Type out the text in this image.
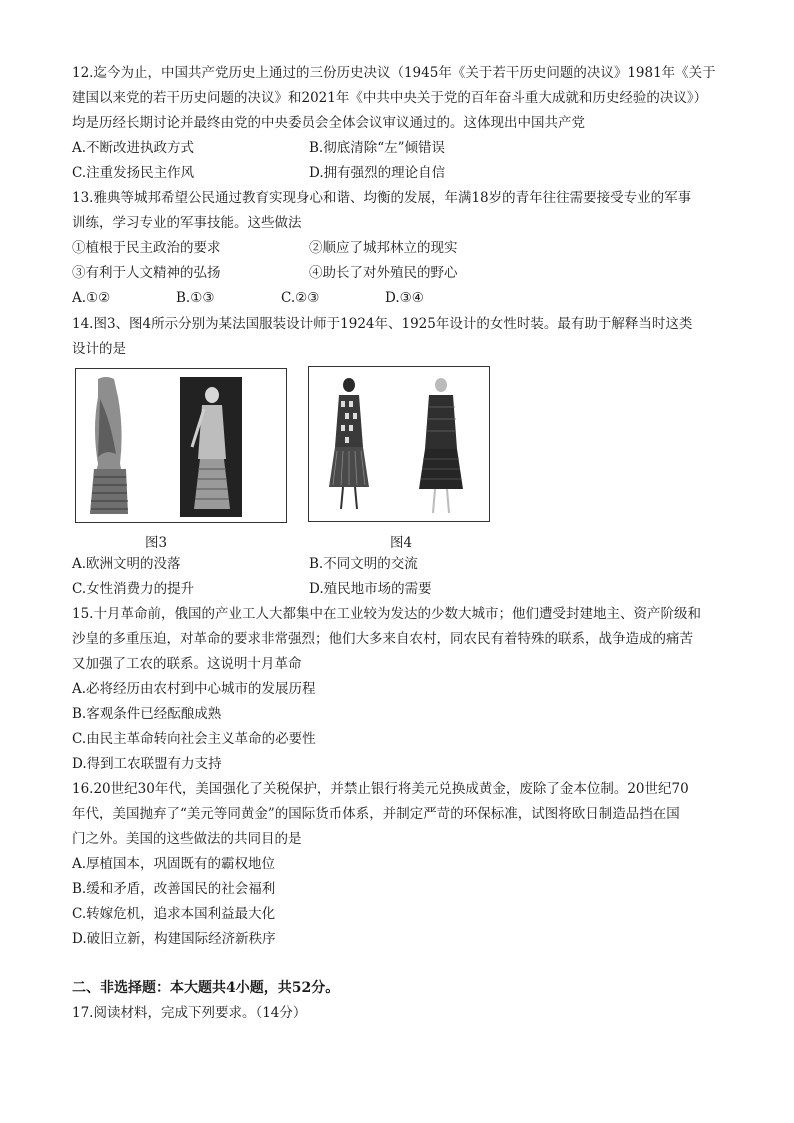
12.迄今为止，中国共产党历史上通过的三份历史决议（1945年《关于若干历史问题的决议》1981年《关于
建国以来党的若干历史问题的决议》和2021年《中共中央关于党的百年奋斗重大成就和历史经验的决议》）
均是历经长期讨论并最终由党的中央委员会全体会议审议通过的。这体现出中国共产党
A.不断改进执政方式	B.彻底清除“左”倾错误
C.注重发扬民主作风	D.拥有强烈的理论自信
13.雅典等城邦希望公民通过教育实现身心和谐、均衡的发展，年满18岁的青年往往需要接受专业的军事
训练，学习专业的军事技能。这些做法
①植根于民主政治的要求	②顺应了城邦林立的现实
③有利于人文精神的弘扬	④助长了对外殖民的野心
A.①②	B.①③	C.②③	D.③④
14.图3、图4所示分别为某法国服装设计师于1924年、1925年设计的女性时装。最有助于解释当时这类
设计的是
图3	图4
A.欧洲文明的没落	B.不同文明的交流
C.女性消费力的提升	D.殖民地市场的需要
15.十月革命前，俄国的产业工人大都集中在工业较为发达的少数大城市；他们遭受封建地主、资产阶级和
沙皇的多重压迫，对革命的要求非常强烈；他们大多来自农村，同农民有着特殊的联系，战争造成的痛苦
又加强了工农的联系。这说明十月革命
A.必将经历由农村到中心城市的发展历程
B.客观条件已经酝酿成熟
C.由民主革命转向社会主义革命的必要性
D.得到工农联盟有力支持
16.20世纪30年代，美国强化了关税保护，并禁止银行将美元兑换成黄金，废除了金本位制。20世纪70
年代，美国抛弃了“美元等同黄金”的国际货币体系，并制定严苛的环保标准，试图将欧日制造品挡在国
门之外。美国的这些做法的共同目的是
A.厚植国本，巩固既有的霸权地位
B.缓和矛盾，改善国民的社会福利
C.转嫁危机，追求本国利益最大化
D.破旧立新，构建国际经济新秩序
二、非选择题：本大题共4小题，共52分。
17.阅读材料，完成下列要求。（14分）
